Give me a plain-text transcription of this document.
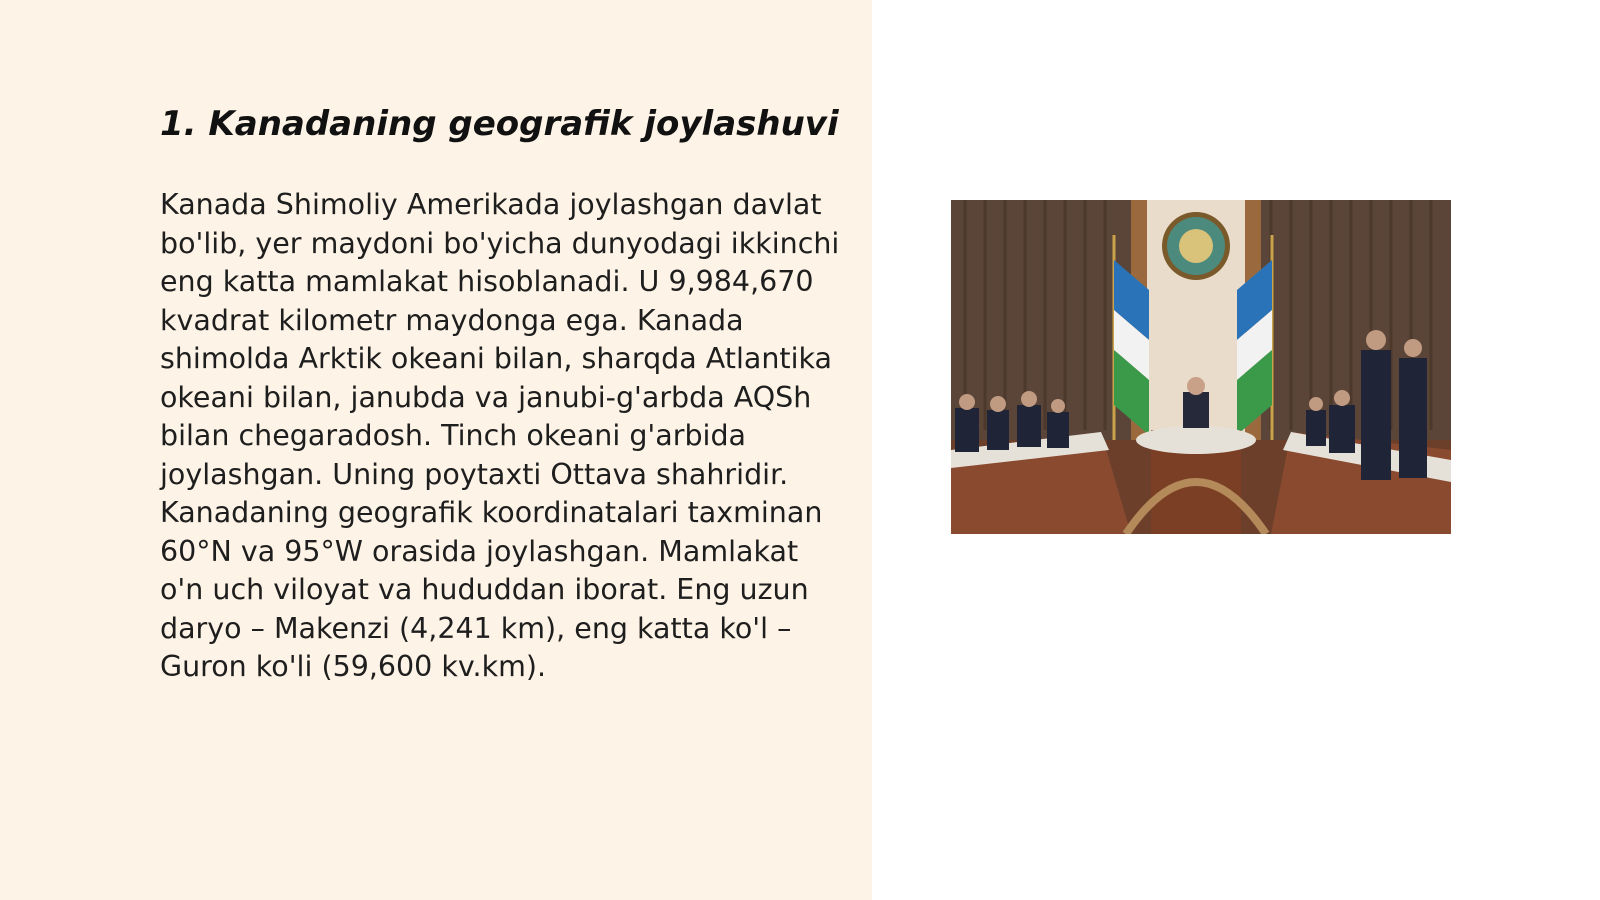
1. Kanadaning geografik joylashuvi

Kanada Shimoliy Amerikada joylashgan davlat bo'lib, yer maydoni bo'yicha dunyodagi ikkinchi eng katta mamlakat hisoblanadi. U 9,984,670 kvadrat kilometr maydonga ega. Kanada shimolda Arktik okeani bilan, sharqda Atlantika okeani bilan, janubda va janubi-g'arbda AQSh bilan chegaradosh. Tinch okeani g'arbida joylashgan. Uning poytaxti Ottava shahridir. Kanadaning geografik koordinatalari taxminan 60°N va 95°W orasida joylashgan. Mamlakat o'n uch viloyat va hududdan iborat. Eng uzun daryo – Makenzi (4,241 km), eng katta ko'l – Guron ko'li (59,600 kv.km).
